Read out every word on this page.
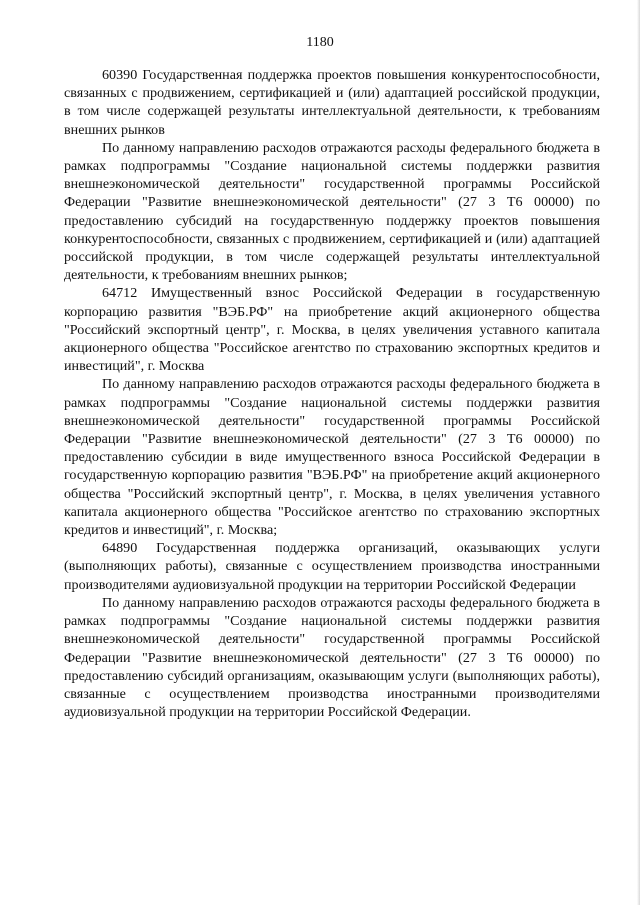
1180

60390 Государственная поддержка проектов повышения конкурентоспособности, связанных с продвижением, сертификацией и (или) адаптацией российской продукции, в том числе содержащей результаты интеллектуальной деятельности, к требованиям внешних рынков

По данному направлению расходов отражаются расходы федерального бюджета в рамках подпрограммы "Создание национальной системы поддержки развития внешнеэкономической деятельности" государственной программы Российской Федерации "Развитие внешнеэкономической деятельности" (27 3 Т6 00000) по предоставлению субсидий на государственную поддержку проектов повышения конкурентоспособности, связанных с продвижением, сертификацией и (или) адаптацией российской продукции, в том числе содержащей результаты интеллектуальной деятельности, к требованиям внешних рынков;

64712 Имущественный взнос Российской Федерации в государственную корпорацию развития "ВЭБ.РФ" на приобретение акций акционерного общества "Российский экспортный центр", г. Москва, в целях увеличения уставного капитала акционерного общества "Российское агентство по страхованию экспортных кредитов и инвестиций", г. Москва

По данному направлению расходов отражаются расходы федерального бюджета в рамках подпрограммы "Создание национальной системы поддержки развития внешнеэкономической деятельности" государственной программы Российской Федерации "Развитие внешнеэкономической деятельности" (27 3 Т6 00000) по предоставлению субсидии в виде имущественного взноса Российской Федерации в государственную корпорацию развития "ВЭБ.РФ" на приобретение акций акционерного общества "Российский экспортный центр", г. Москва, в целях увеличения уставного капитала акционерного общества "Российское агентство по страхованию экспортных кредитов и инвестиций", г. Москва;

64890 Государственная поддержка организаций, оказывающих услуги (выполняющих работы), связанные с осуществлением производства иностранными производителями аудиовизуальной продукции на территории Российской Федерации

По данному направлению расходов отражаются расходы федерального бюджета в рамках подпрограммы "Создание национальной системы поддержки развития внешнеэкономической деятельности" государственной программы Российской Федерации "Развитие внешнеэкономической деятельности" (27 3 Т6 00000) по предоставлению субсидий организациям, оказывающим услуги (выполняющих работы), связанные с осуществлением производства иностранными производителями аудиовизуальной продукции на территории Российской Федерации.
